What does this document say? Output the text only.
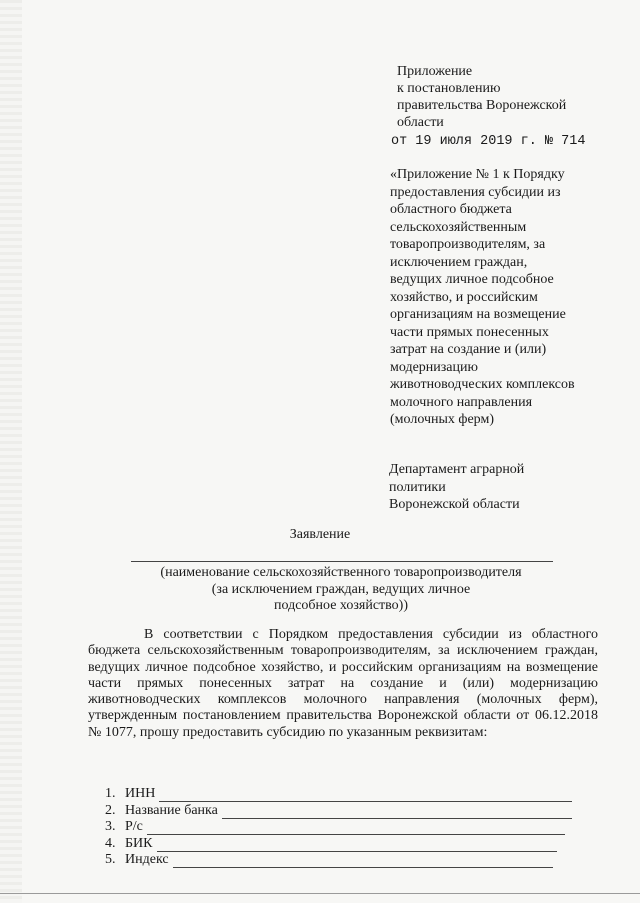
Приложение
к постановлению
правительства Воронежской
области
от 19 июля 2019 г. № 714
«Приложение № 1 к Порядку
предоставления субсидии из
областного бюджета
сельскохозяйственным
товаропроизводителям, за
исключением граждан,
ведущих личное подсобное
хозяйство, и российским
организациям на возмещение
части прямых понесенных
затрат на создание и (или)
модернизацию
животноводческих комплексов
молочного направления
(молочных ферм)
Департамент аграрной
политики
Воронежской области
Заявление
(наименование сельскохозяйственного товаропроизводителя
(за исключением граждан, ведущих личное
подсобное хозяйство))
В соответствии с Порядком предоставления субсидии из областного бюджета сельскохозяйственным товаропроизводителям, за исключением граждан, ведущих личное подсобное хозяйство, и российским организациям на возмещение части прямых понесенных затрат на создание и (или) модернизацию животноводческих комплексов молочного направления (молочных ферм), утвержденным постановлением правительства Воронежской области от 06.12.2018 № 1077, прошу предоставить субсидию по указанным реквизитам:
1. ИНН
2. Название банка
3. Р/с
4. БИК
5. Индекс
